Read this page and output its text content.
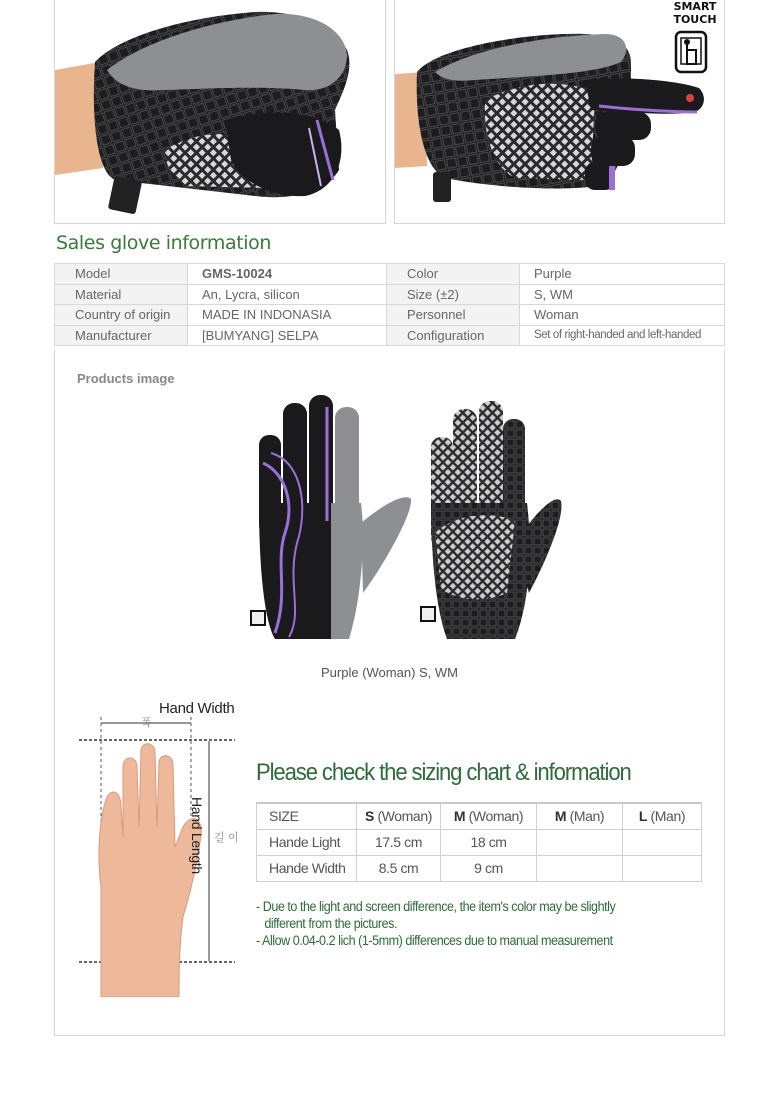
SMART
TOUCH
Sales glove information
Model	GMS-10024	Color	Purple
Material	An, Lycra, silicon	Size (±2)	S, WM
Country of origin	MADE IN INDONASIA	Personnel	Woman
Manufacturer	[BUMYANG] SELPA	Configuration	Set of right-handed and left-handed
Products image
Purple (Woman) S, WM
Hand Width
폭
길 이
Hand Length
Please check the sizing chart & information
SIZE	S (Woman)	M (Woman)	M (Man)	L (Man)
Hande Light	17.5 cm	18 cm		
Hande Width	8.5 cm	9 cm		
- Due to the light and screen difference, the item's color may be slightly
different from the pictures.
- Allow 0.04-0.2 lich (1-5mm) differences due to manual measurement
